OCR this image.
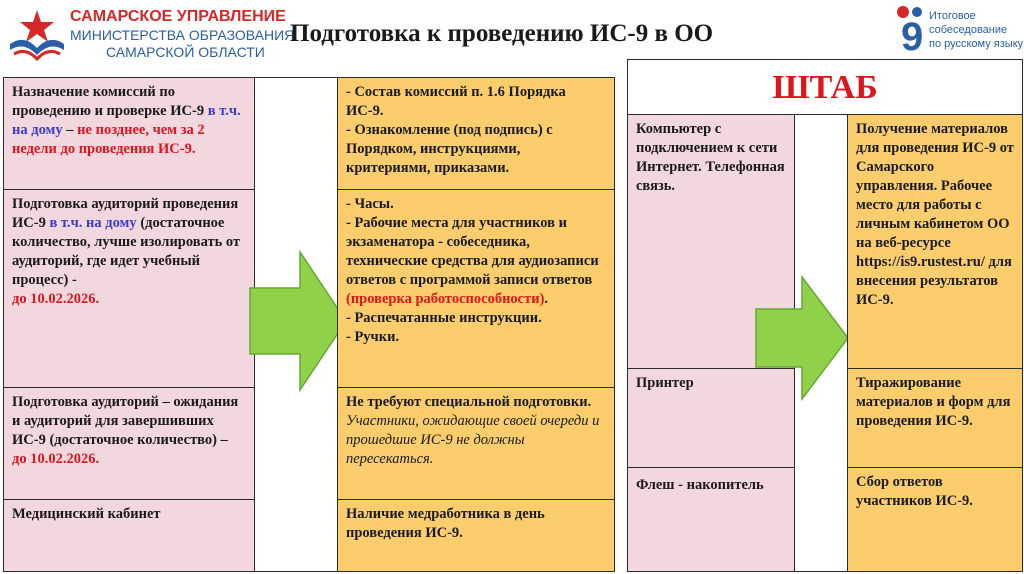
САМАРСКОЕ УПРАВЛЕНИЕ
МИНИСТЕРСТВА ОБРАЗОВАНИЯ
САМАРСКОЙ ОБЛАСТИ
Подготовка к проведению ИС-9 в ОО	9 Итоговое
собеседование
по русскому языку
Назначение комиссий по проведению и проверке ИС-9 в т.ч. на дому – не позднее, чем за 2 недели до проведения ИС-9.
Подготовка аудиторий проведения ИС-9 в т.ч. на дому (достаточное количество, лучше изолировать от аудиторий, где идет учебный процесс) -
до 10.02.2026.
Подготовка аудиторий – ожидания и аудиторий для завершивших ИС-9 (достаточное количество) –
до 10.02.2026.
Медицинский кабинет

- Состав комиссий п. 1.6 Порядка ИС-9.

- Ознакомление (под подпись) с Порядком, инструкциями, критериями, приказами.

- Часы.

- Рабочие места для участников и экзаменатора - собеседника, технические средства для аудиозаписи ответов с программой записи ответов (проверка работоспособности).

- Распечатанные инструкции.

- Ручки.

Не требуют специальной подготовки. Участники, ожидающие своей очереди и прошедшие ИС-9 не должны пересекаться.
Наличие медработника в день проведения ИС-9.
ШТАБ
Компьютер с подключением к сети Интернет. Телефонная связь.
Принтер
Флеш - накопитель
Получение материалов для проведения ИС-9 от Самарского управления. Рабочее место для работы с личным кабинетом ОО на веб-ресурсе https://is9.rustest.ru/ для внесения результатов ИС-9.
Тиражирование материалов и форм для проведения ИС-9.
Сбор ответов участников ИС-9.
